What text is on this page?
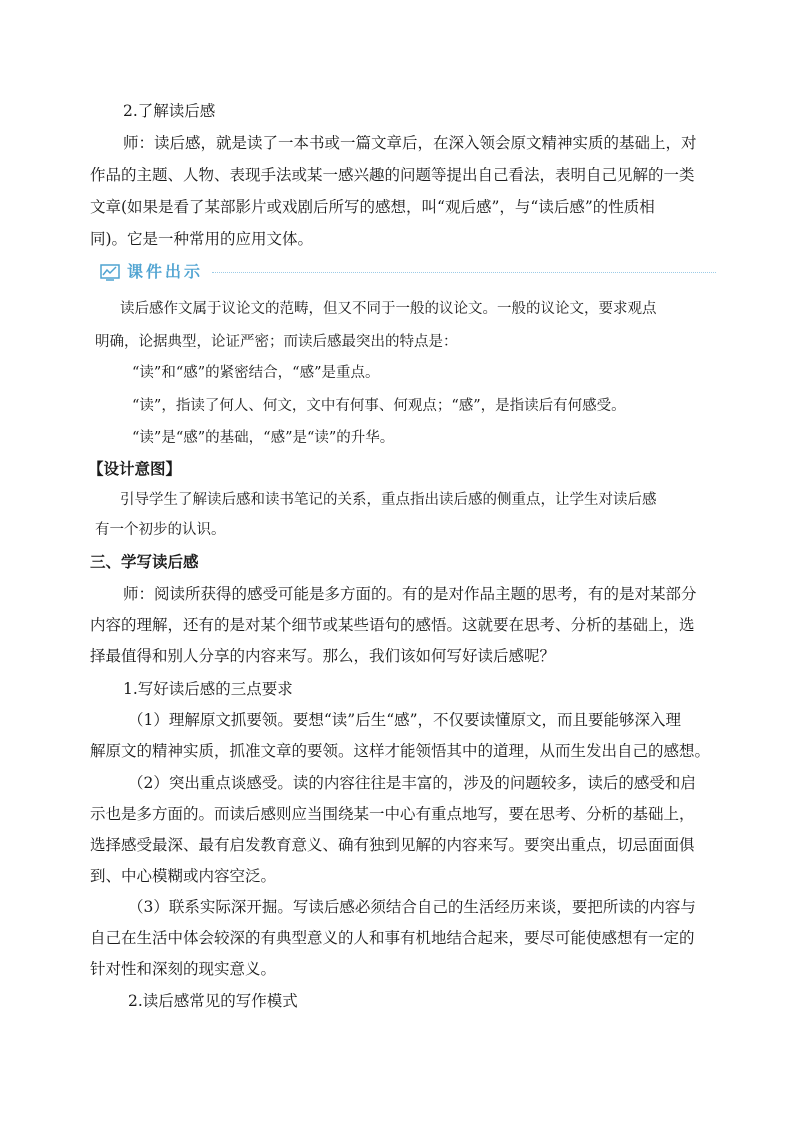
2.了解读后感
师：读后感，就是读了一本书或一篇文章后，在深入领会原文精神实质的基础上，对
作品的主题、人物、表现手法或某一感兴趣的问题等提出自己看法，表明自己见解的一类
文章(如果是看了某部影片或戏剧后所写的感想，叫“观后感”，与“读后感”的性质相
同)。它是一种常用的应用文体。
课件出示
读后感作文属于议论文的范畴，但又不同于一般的议论文。一般的议论文，要求观点
明确，论据典型，论证严密；而读后感最突出的特点是：
“读”和“感”的紧密结合，“感”是重点。
“读”，指读了何人、何文，文中有何事、何观点；“感”，是指读后有何感受。
“读”是“感”的基础，“感”是“读”的升华。
【设计意图】
引导学生了解读后感和读书笔记的关系，重点指出读后感的侧重点，让学生对读后感
有一个初步的认识。
三、学写读后感
师：阅读所获得的感受可能是多方面的。有的是对作品主题的思考，有的是对某部分
内容的理解，还有的是对某个细节或某些语句的感悟。这就要在思考、分析的基础上，选
择最值得和别人分享的内容来写。那么，我们该如何写好读后感呢？
1.写好读后感的三点要求
（1）理解原文抓要领。要想“读”后生“感”，不仅要读懂原文，而且要能够深入理
解原文的精神实质，抓准文章的要领。这样才能领悟其中的道理，从而生发出自己的感想。
（2）突出重点谈感受。读的内容往往是丰富的，涉及的问题较多，读后的感受和启
示也是多方面的。而读后感则应当围绕某一中心有重点地写，要在思考、分析的基础上，
选择感受最深、最有启发教育意义、确有独到见解的内容来写。要突出重点，切忌面面俱
到、中心模糊或内容空泛。
（3）联系实际深开掘。写读后感必须结合自己的生活经历来谈，要把所读的内容与
自己在生活中体会较深的有典型意义的人和事有机地结合起来，要尽可能使感想有一定的
针对性和深刻的现实意义。
2.读后感常见的写作模式
